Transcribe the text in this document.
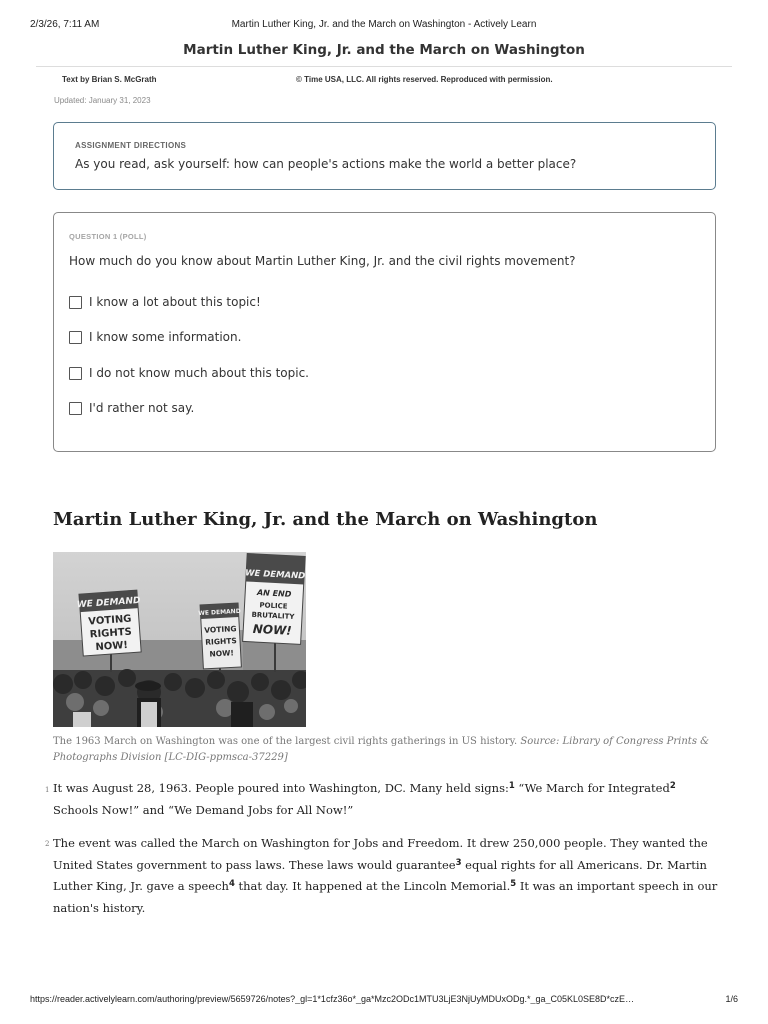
2/3/26, 7:11 AM	Martin Luther King, Jr. and the March on Washington - Actively Learn
Martin Luther King, Jr. and the March on Washington
Text by Brian S. McGrath	© Time USA, LLC. All rights reserved. Reproduced with permission.
Updated: January 31, 2023
ASSIGNMENT DIRECTIONS
As you read, ask yourself: how can people's actions make the world a better place?
QUESTION 1 (POLL)
How much do you know about Martin Luther King, Jr. and the civil rights movement?
I know a lot about this topic!
I know some information.
I do not know much about this topic.
I'd rather not say.
Martin Luther King, Jr. and the March on Washington
WE DEMAND
VOTING
RIGHTS
NOW!
WE DEMAND
VOTING
RIGHTS
NOW!
WE DEMAND
AN END
POLICE
BRUTALITY
NOW!
The 1963 March on Washington was one of the largest civil rights gatherings in US history. Source: Library of Congress Prints & Photographs Division [LC-DIG-ppmsca-37229]
1 It was August 28, 1963. People poured into Washington, DC. Many held signs:$^1$ “We March for Integrated$^2$ Schools Now!” and “We Demand Jobs for All Now!”

2 The event was called the March on Washington for Jobs and Freedom. It drew 250,000 people. They wanted the United States government to pass laws. These laws would guarantee$^3$ equal rights for all Americans. Dr. Martin Luther King, Jr. gave a speech$^4$ that day. It happened at the Lincoln Memorial.$^5$ It was an important speech in our nation's history.

https://reader.activelylearn.com/authoring/preview/5659726/notes?_gl=1*1cfz36o*_ga*Mzc2ODc1MTU3LjE3NjUyMDUxODg.*_ga_C05KL0SE8D*czE…	1/6
